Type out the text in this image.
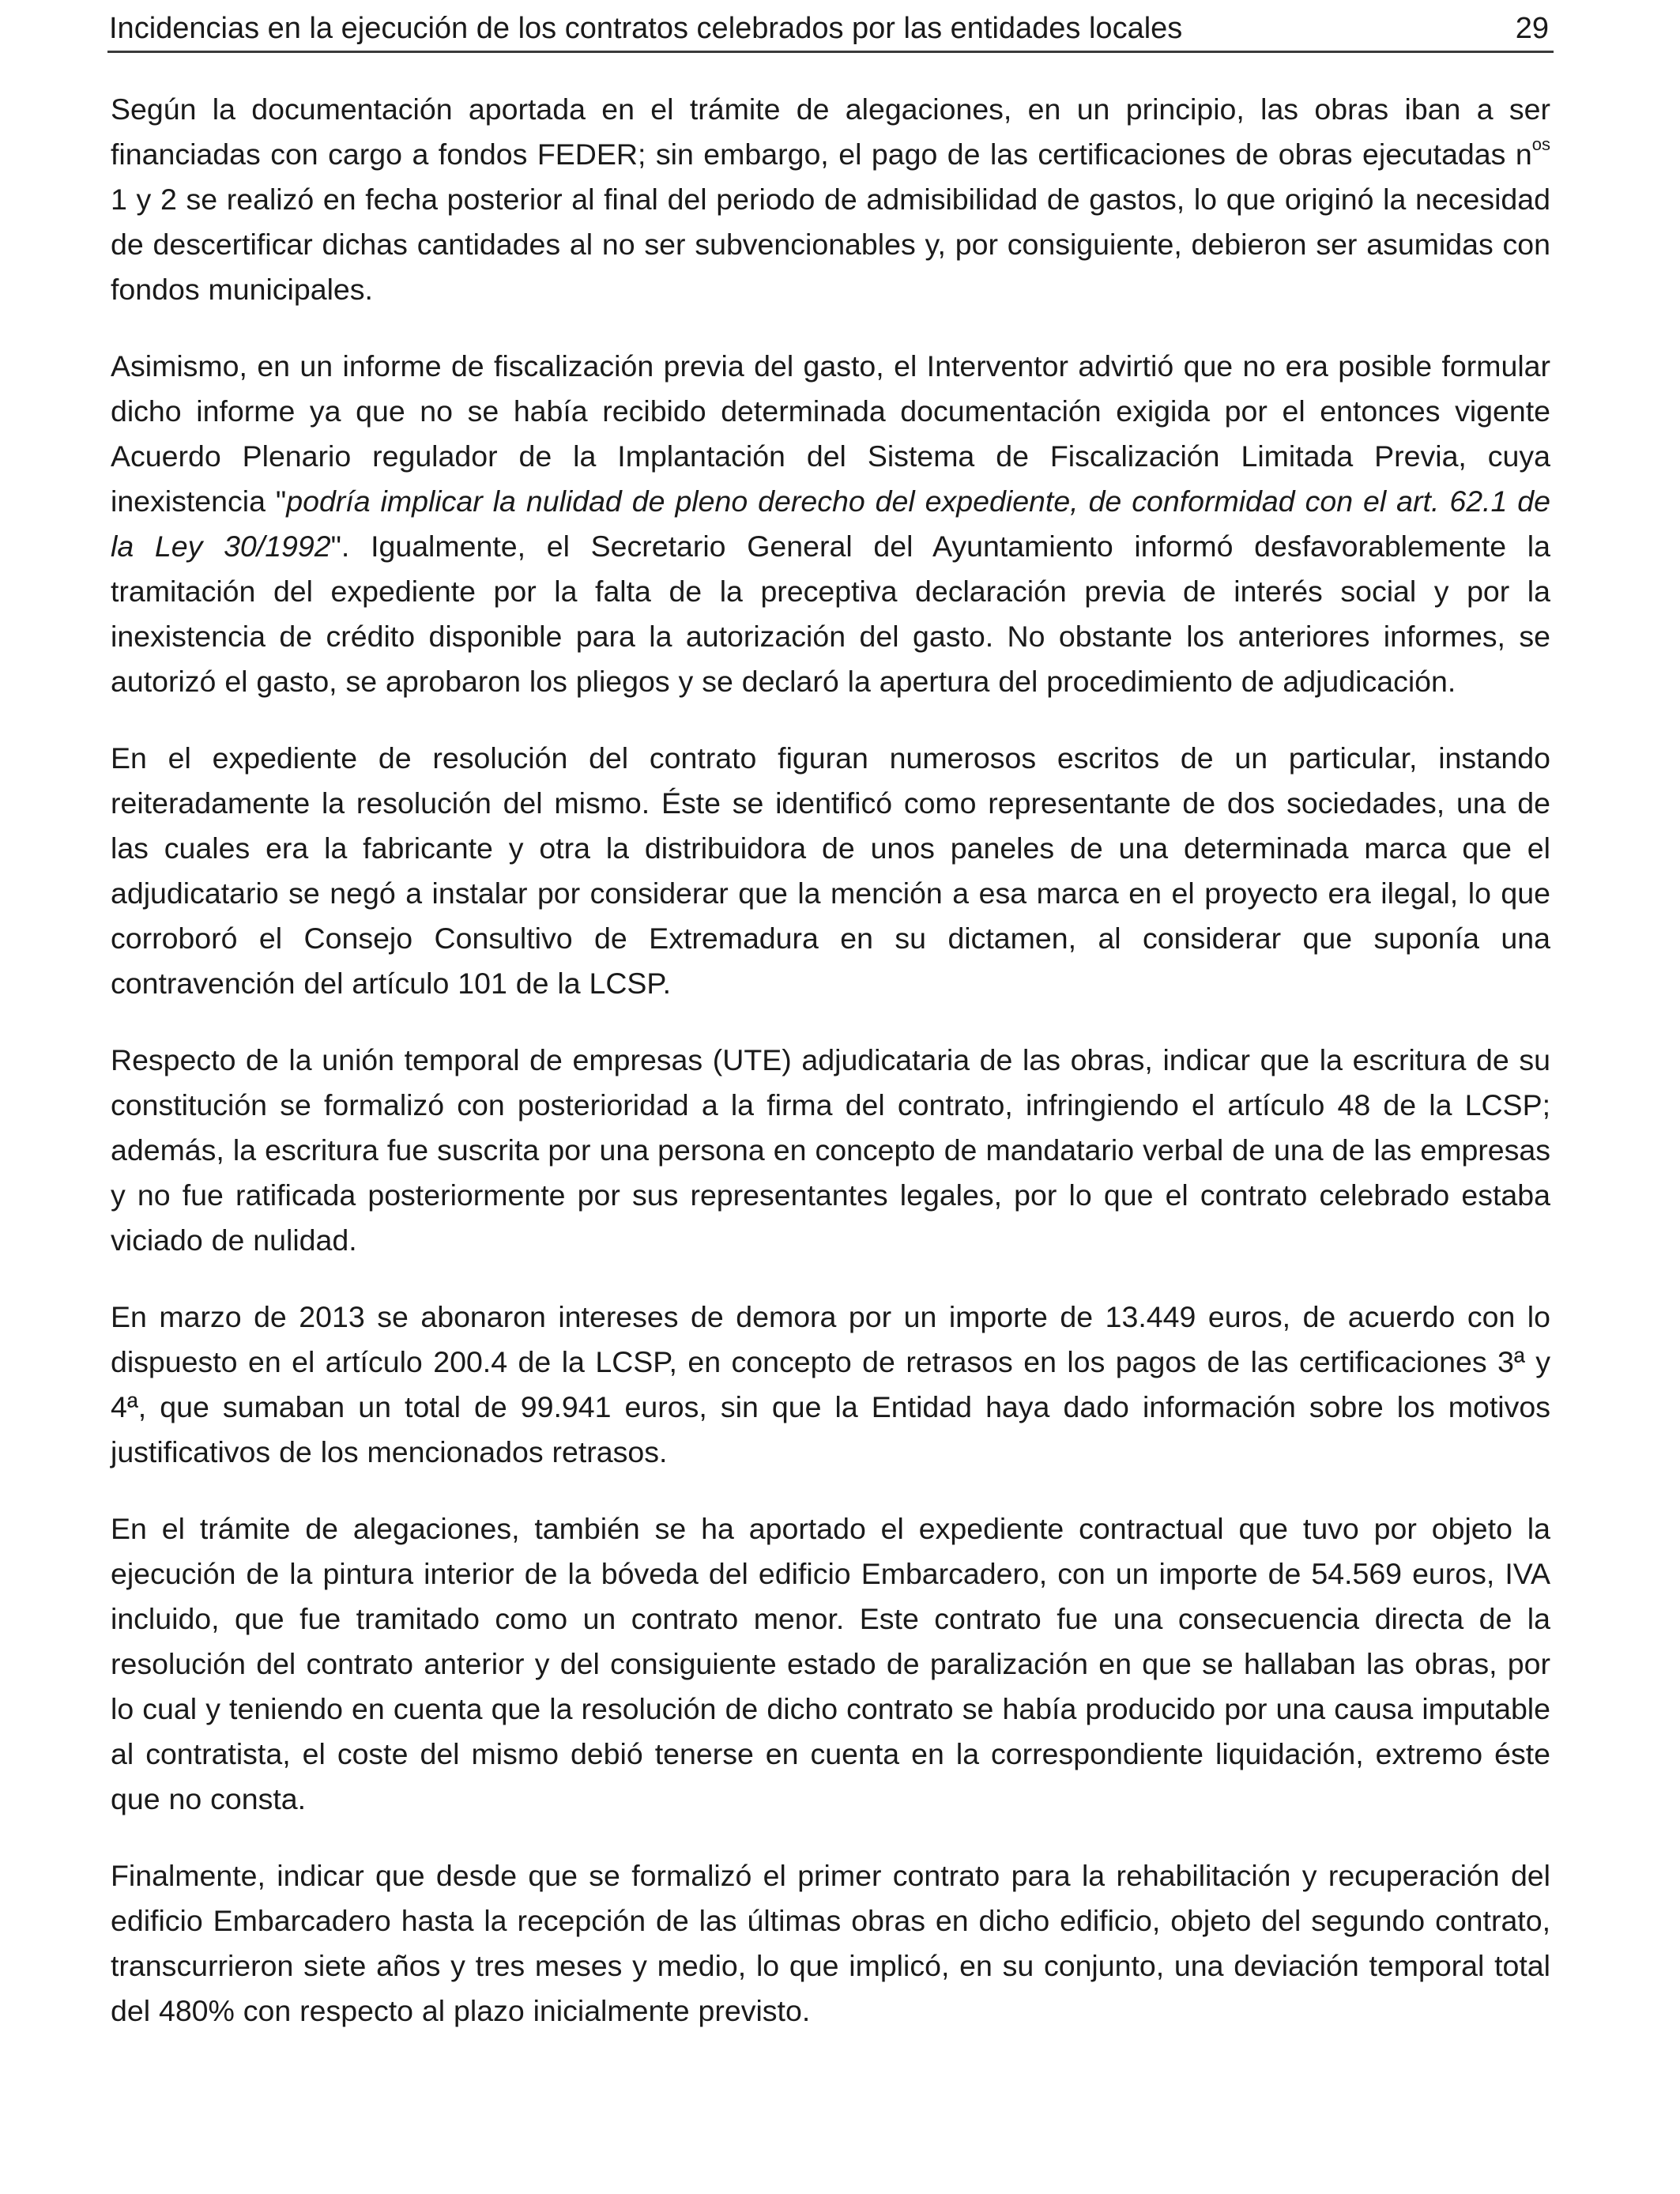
Incidencias en la ejecución de los contratos celebrados por las entidades locales	29

Según la documentación aportada en el trámite de alegaciones, en un principio, las obras iban a ser financiadas con cargo a fondos FEDER; sin embargo, el pago de las certificaciones de obras ejecutadas $n^{os}$ 1 y 2 se realizó en fecha posterior al final del periodo de admisibilidad de gastos, lo que originó la necesidad de descertificar dichas cantidades al no ser subvencionables y, por consiguiente, debieron ser asumidas con fondos municipales.

Asimismo, en un informe de fiscalización previa del gasto, el Interventor advirtió que no era posible formular dicho informe ya que no se había recibido determinada documentación exigida por el entonces vigente Acuerdo Plenario regulador de la Implantación del Sistema de Fiscalización Limitada Previa, cuya inexistencia "podría implicar la nulidad de pleno derecho del expediente, de conformidad con el art. 62.1 de la Ley 30/1992". Igualmente, el Secretario General del Ayuntamiento informó desfavorablemente la tramitación del expediente por la falta de la preceptiva declaración previa de interés social y por la inexistencia de crédito disponible para la autorización del gasto. No obstante los anteriores informes, se autorizó el gasto, se aprobaron los pliegos y se declaró la apertura del procedimiento de adjudicación.

En el expediente de resolución del contrato figuran numerosos escritos de un particular, instando reiteradamente la resolución del mismo. Éste se identificó como representante de dos sociedades, una de las cuales era la fabricante y otra la distribuidora de unos paneles de una determinada marca que el adjudicatario se negó a instalar por considerar que la mención a esa marca en el proyecto era ilegal, lo que corroboró el Consejo Consultivo de Extremadura en su dictamen, al considerar que suponía una contravención del artículo 101 de la LCSP.

Respecto de la unión temporal de empresas (UTE) adjudicataria de las obras, indicar que la escritura de su constitución se formalizó con posterioridad a la firma del contrato, infringiendo el artículo 48 de la LCSP; además, la escritura fue suscrita por una persona en concepto de mandatario verbal de una de las empresas y no fue ratificada posteriormente por sus representantes legales, por lo que el contrato celebrado estaba viciado de nulidad.

En marzo de 2013 se abonaron intereses de demora por un importe de 13.449 euros, de acuerdo con lo dispuesto en el artículo 200.4 de la LCSP, en concepto de retrasos en los pagos de las certificaciones 3ª y 4ª, que sumaban un total de 99.941 euros, sin que la Entidad haya dado información sobre los motivos justificativos de los mencionados retrasos.

En el trámite de alegaciones, también se ha aportado el expediente contractual que tuvo por objeto la ejecución de la pintura interior de la bóveda del edificio Embarcadero, con un importe de 54.569 euros, IVA incluido, que fue tramitado como un contrato menor. Este contrato fue una consecuencia directa de la resolución del contrato anterior y del consiguiente estado de paralización en que se hallaban las obras, por lo cual y teniendo en cuenta que la resolución de dicho contrato se había producido por una causa imputable al contratista, el coste del mismo debió tenerse en cuenta en la correspondiente liquidación, extremo éste que no consta.

Finalmente, indicar que desde que se formalizó el primer contrato para la rehabilitación y recuperación del edificio Embarcadero hasta la recepción de las últimas obras en dicho edificio, objeto del segundo contrato, transcurrieron siete años y tres meses y medio, lo que implicó, en su conjunto, una deviación temporal total del 480% con respecto al plazo inicialmente previsto.
